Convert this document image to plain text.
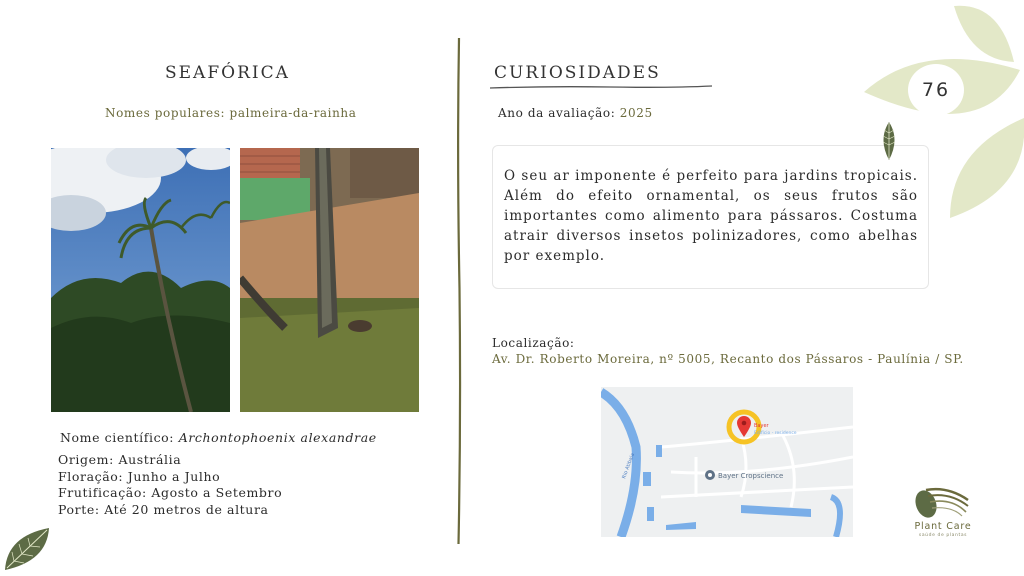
SEAFÓRICA
Nomes populares: palmeira-da-rainha
Nome científico: Archontophoenix alexandrae
Origem: Austrália
Floração: Junho a Julho
Frutificação: Agosto a Setembro
Porte: Até 20 metros de altura
CURIOSIDADES
Ano da avaliação: 2025

O seu ar imponente é perfeito para jardins tropicais. Além do efeito ornamental, os seus frutos são importantes como alimento para pássaros. Costuma atrair diversos insetos polinizadores, como abelhas por exemplo.

Localização:
Av. Dr. Roberto Moreira, nº 5005, Recanto dos Pássaros - Paulínia / SP.
Bayer
Edifício - residence
Bayer Cropscience
Rio Atibaia
76
Plant Care
saúde de plantas
